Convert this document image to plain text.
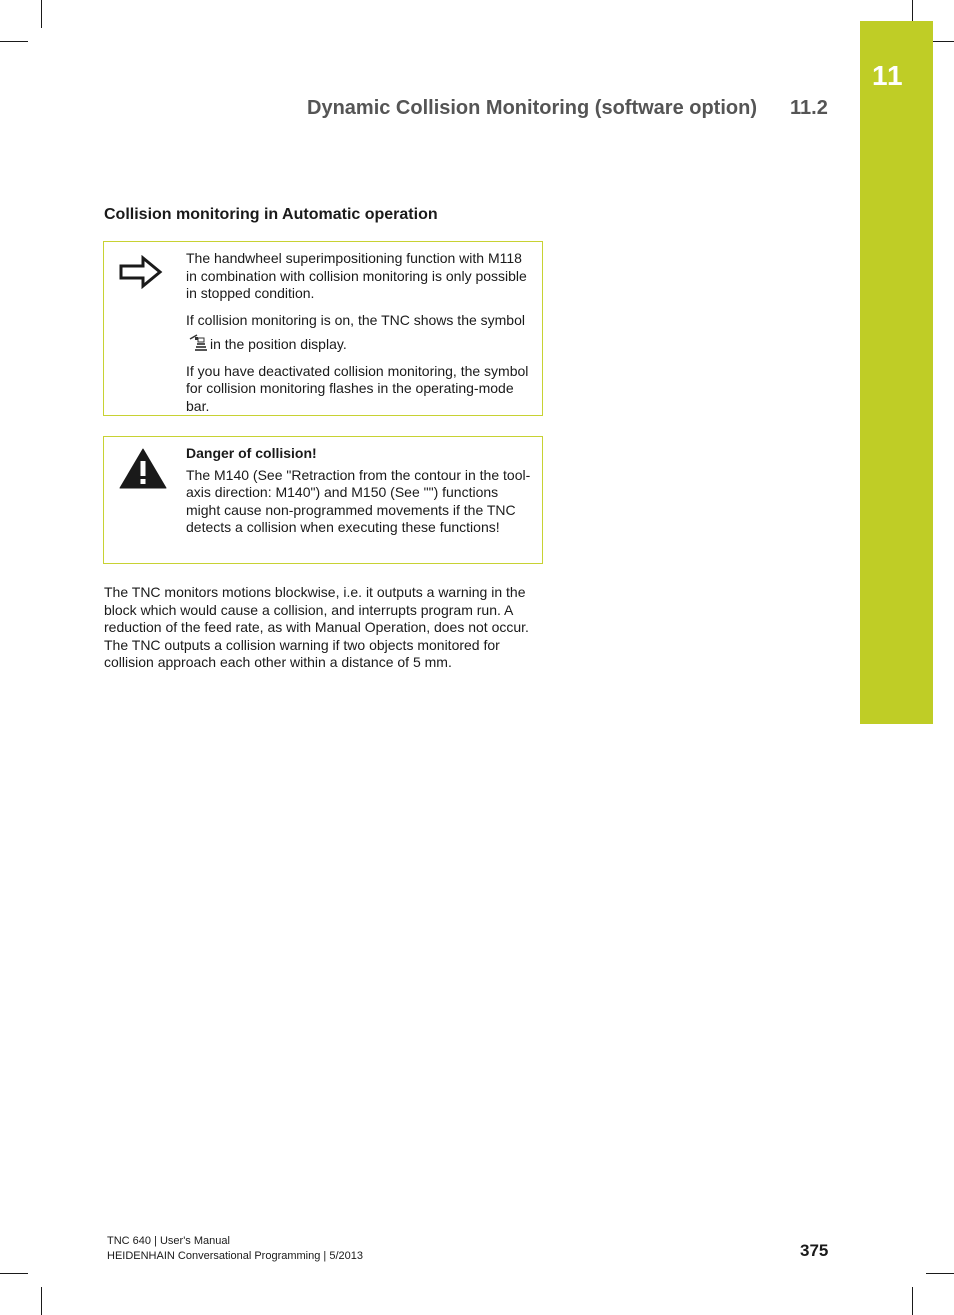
11
Dynamic Collision Monitoring (software option) 11.2
Collision monitoring in Automatic operation

The handwheel superimpositioning function with M118 in combination with collision monitoring is only possible in stopped condition.

If collision monitoring is on, the TNC shows the symbolin the position display.

If you have deactivated collision monitoring, the symbol for collision monitoring flashes in the operating-mode bar.

Danger of collision!

The M140 (See "Retraction from the contour in the tool-axis direction: M140") and M150 (See "") functions might cause non-programmed movements if the TNC detects a collision when executing these functions!

The TNC monitors motions blockwise, i.e. it outputs a warning in the block which would cause a collision, and interrupts program run. A reduction of the feed rate, as with Manual Operation, does not occur. The TNC outputs a collision warning if two objects monitored for collision approach each other within a distance of 5 mm.

TNC 640 | User's Manual
HEIDENHAIN Conversational Programming | 5/2013	375
